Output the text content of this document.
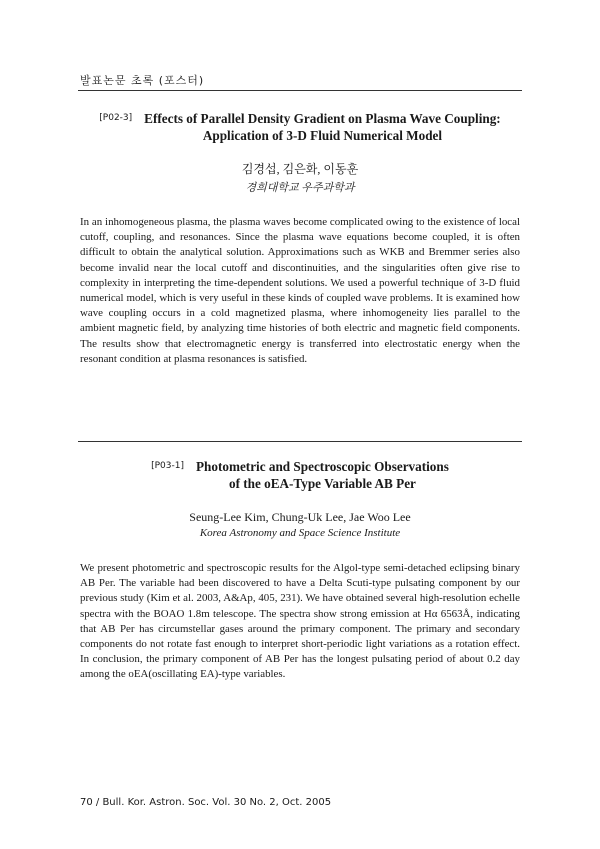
발표논문 초록 (포스터)
[P02-3] Effects of Parallel Density Gradient on Plasma Wave Coupling:
Application of 3-D Fluid Numerical Model
김경섭, 김은화, 이동훈
경희대학교 우주과학과
In an inhomogeneous plasma, the plasma waves become complicated owing to the existence of local cutoff, coupling, and resonances. Since the plasma wave equations become coupled, it is often difficult to obtain the analytical solution. Approximations such as WKB and Bremmer series also become invalid near the local cutoff and discontinuities, and the singularities often give rise to complexity in interpreting the time-dependent solutions. We used a powerful technique of 3-D fluid numerical model, which is very useful in these kinds of coupled wave problems. It is examined how wave coupling occurs in a cold magnetized plasma, where inhomogeneity lies parallel to the ambient magnetic field, by analyzing time histories of both electric and magnetic field components. The results show that electromagnetic energy is transferred into electrostatic energy when the resonant condition at plasma resonances is satisfied.
[P03-1] Photometric and Spectroscopic Observations
of the oEA-Type Variable AB Per
Seung-Lee Kim, Chung-Uk Lee, Jae Woo Lee
Korea Astronomy and Space Science Institute
We present photometric and spectroscopic results for the Algol-type semi-detached eclipsing binary AB Per. The variable had been discovered to have a Delta Scuti-type pulsating component by our previous study (Kim et al. 2003, A&Ap, 405, 231). We have obtained several high-resolution echelle spectra with the BOAO 1.8m telescope. The spectra show strong emission at Hα 6563Å, indicating that AB Per has circumstellar gases around the primary component. The primary and secondary components do not rotate fast enough to interpret short-periodic light variations as a rotation effect. In conclusion, the primary component of AB Per has the longest pulsating period of about 0.2 day among the oEA(oscillating EA)-type variables.
70 / Bull. Kor. Astron. Soc. Vol. 30 No. 2, Oct. 2005
